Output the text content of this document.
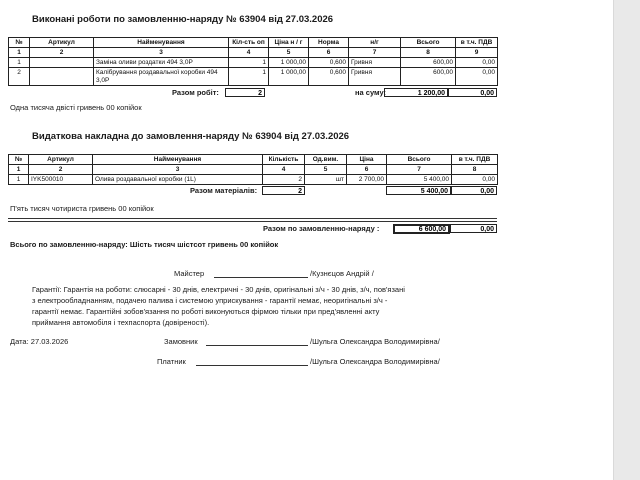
Виконані роботи по замовленню-наряду № 63904 від 27.03.2026
№	Артикул	Найменування	Кіл-сть оп	Ціна н / г	Норма	н/г	Всього	в т.ч. ПДВ
1	2	3	4	5	6	7	8	9
1		Заміна оливи роздатки 494 3,0Р	1	1 000,00	0,600	Гривня	600,00	0,00
2		Калібрування роздавальної коробки 494 3,0Р	1	1 000,00	0,600	Гривня	600,00	0,00
Разом робіт:	2	на суму:	1 200,00	0,00
Одна тисяча двісті гривень 00 копійок
Видаткова накладна до замовлення-наряду № 63904 від 27.03.2026
№	Артикул	Найменування	Кількість	Од.вим.	Ціна	Всього	в т.ч. ПДВ
1	2	3	4	5	6	7	8
1	IYK500010	Олива роздавальної коробки (1L)	2	шт	2 700,00	5 400,00	0,00
Разом матеріалів:	2	5 400,00	0,00
П'ять тисяч чотириста гривень 00 копійок
Разом по замовленню-наряду :	6 600,00	0,00
Всього по замовленню-наряду: Шість тисяч шістсот гривень 00 копійок
Майстер	/Кузнєцов Андрій /
Гарантії: Гарантія на роботи: слюсарні - 30 днів, електричні - 30 днів, оригінальні з/ч - 30 днів, з/ч, пов'язані
з електрообладнанням, подачею палива і системою уприскування - гарантії немає, неоригінальні з/ч -
гарантії немає. Гарантійні зобов'язання по роботі виконуються фірмою тільки при пред'явленні акту
приймання автомобіля і техпаспорта (довіреності).
Дата: 27.03.2026	Замовник	/Шульга Олександра Володимирівна/
Платник	/Шульга Олександра Володимирівна/
